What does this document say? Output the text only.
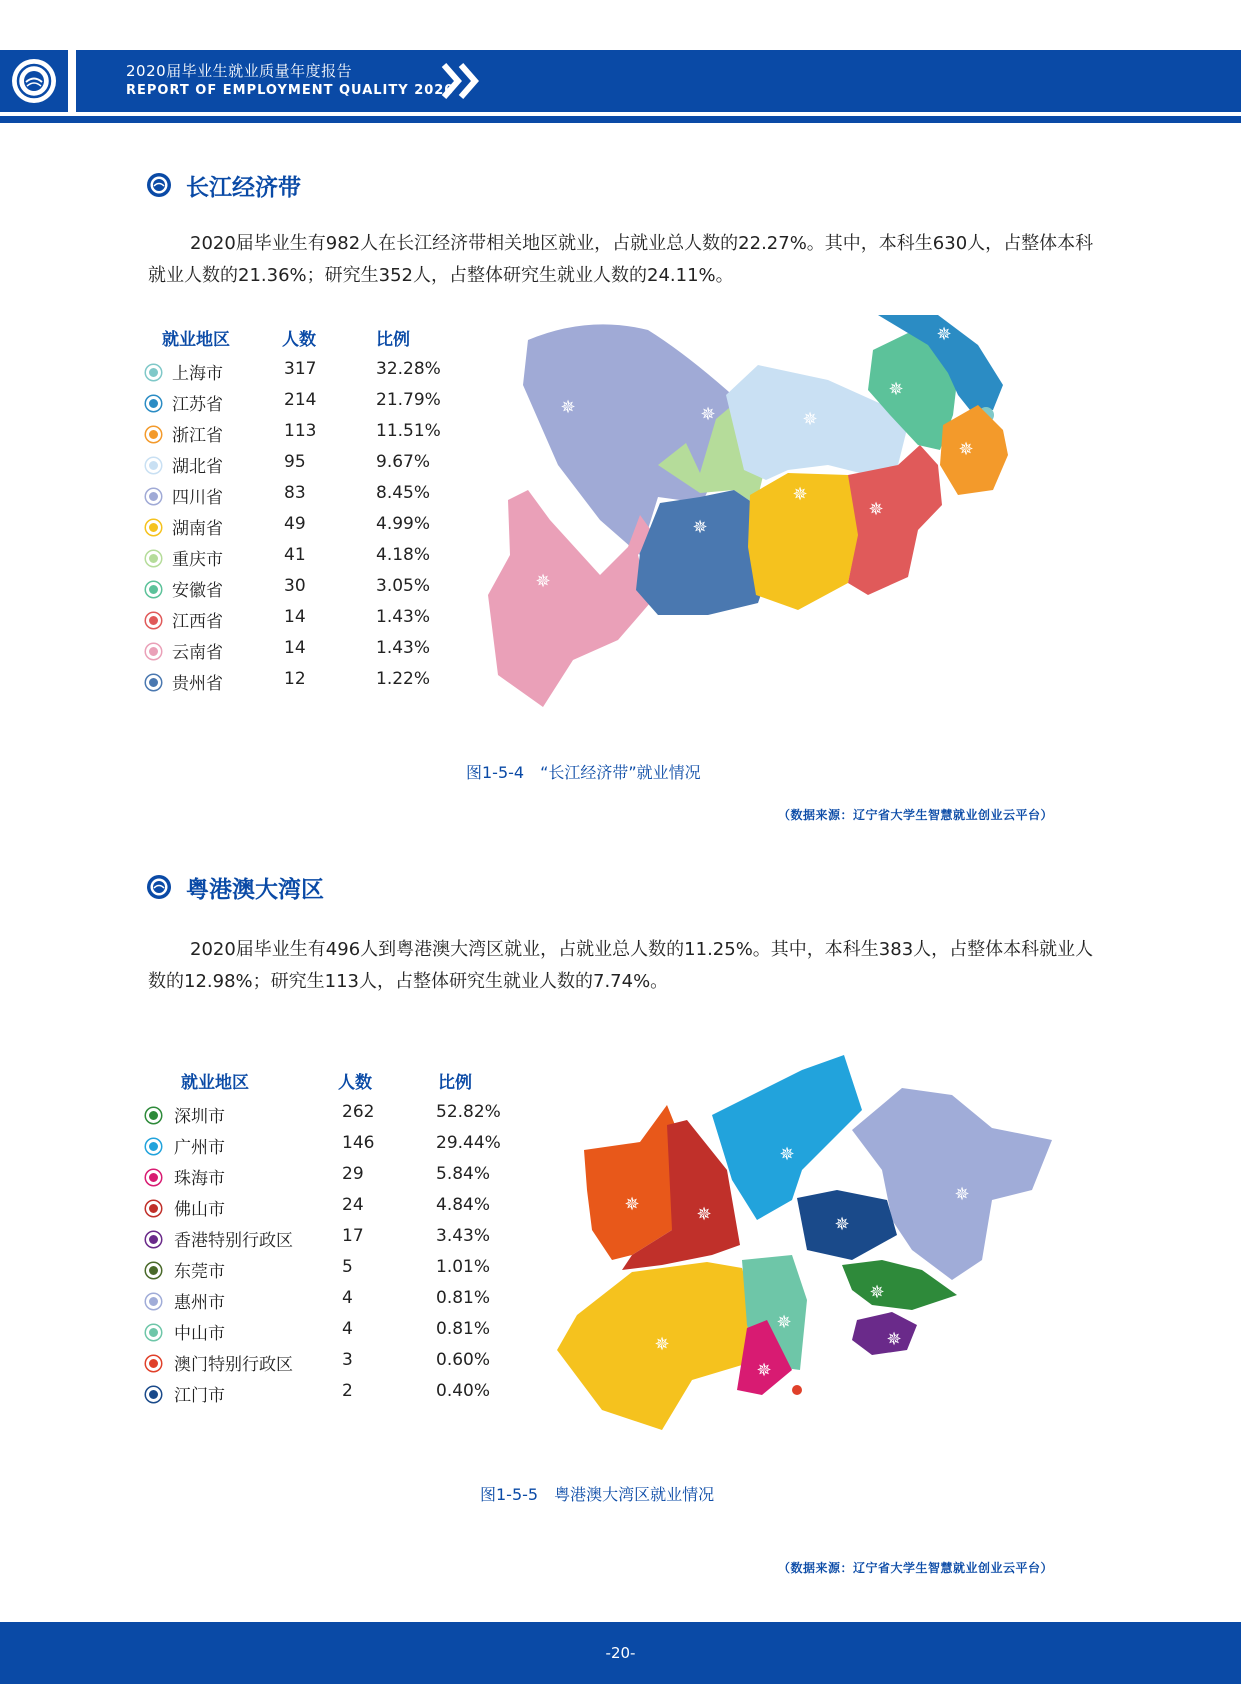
2020届毕业生就业质量年度报告
REPORT OF EMPLOYMENT QUALITY 2020
长江经济带
2020届毕业生有982人在长江经济带相关地区就业，占就业总人数的22.27%。其中，本科生630人，占整体本科就业人数的21.36%；研究生352人，占整体研究生就业人数的24.11%。
就业地区	人数	比例
上海市	317	32.28%
江苏省	214	21.79%
浙江省	113	11.51%
湖北省	95	9.67%
四川省	83	8.45%
湖南省	49	4.99%
重庆市	41	4.18%
安徽省	30	3.05%
江西省	14	1.43%
云南省	14	1.43%
贵州省	12	1.22%
✵
✵
✵
✵
✵
✵
✵
✵
✵
✵
图1-5-4　“长江经济带”就业情况
（数据来源：辽宁省大学生智慧就业创业云平台）
粤港澳大湾区
2020届毕业生有496人到粤港澳大湾区就业，占就业总人数的11.25%。其中，本科生383人，占整体本科就业人数的12.98%；研究生113人，占整体研究生就业人数的7.74%。
就业地区	人数	比例
深圳市	262	52.82%
广州市	146	29.44%
珠海市	29	5.84%
佛山市	24	4.84%
香港特别行政区	17	3.43%
东莞市	5	1.01%
惠州市	4	0.81%
中山市	4	0.81%
澳门特别行政区	3	0.60%
江门市	2	0.40%
✵	✵
✵
✵
✵
✵
✵
✵
✵
✵
图1-5-5　粤港澳大湾区就业情况
（数据来源：辽宁省大学生智慧就业创业云平台）
-20-
